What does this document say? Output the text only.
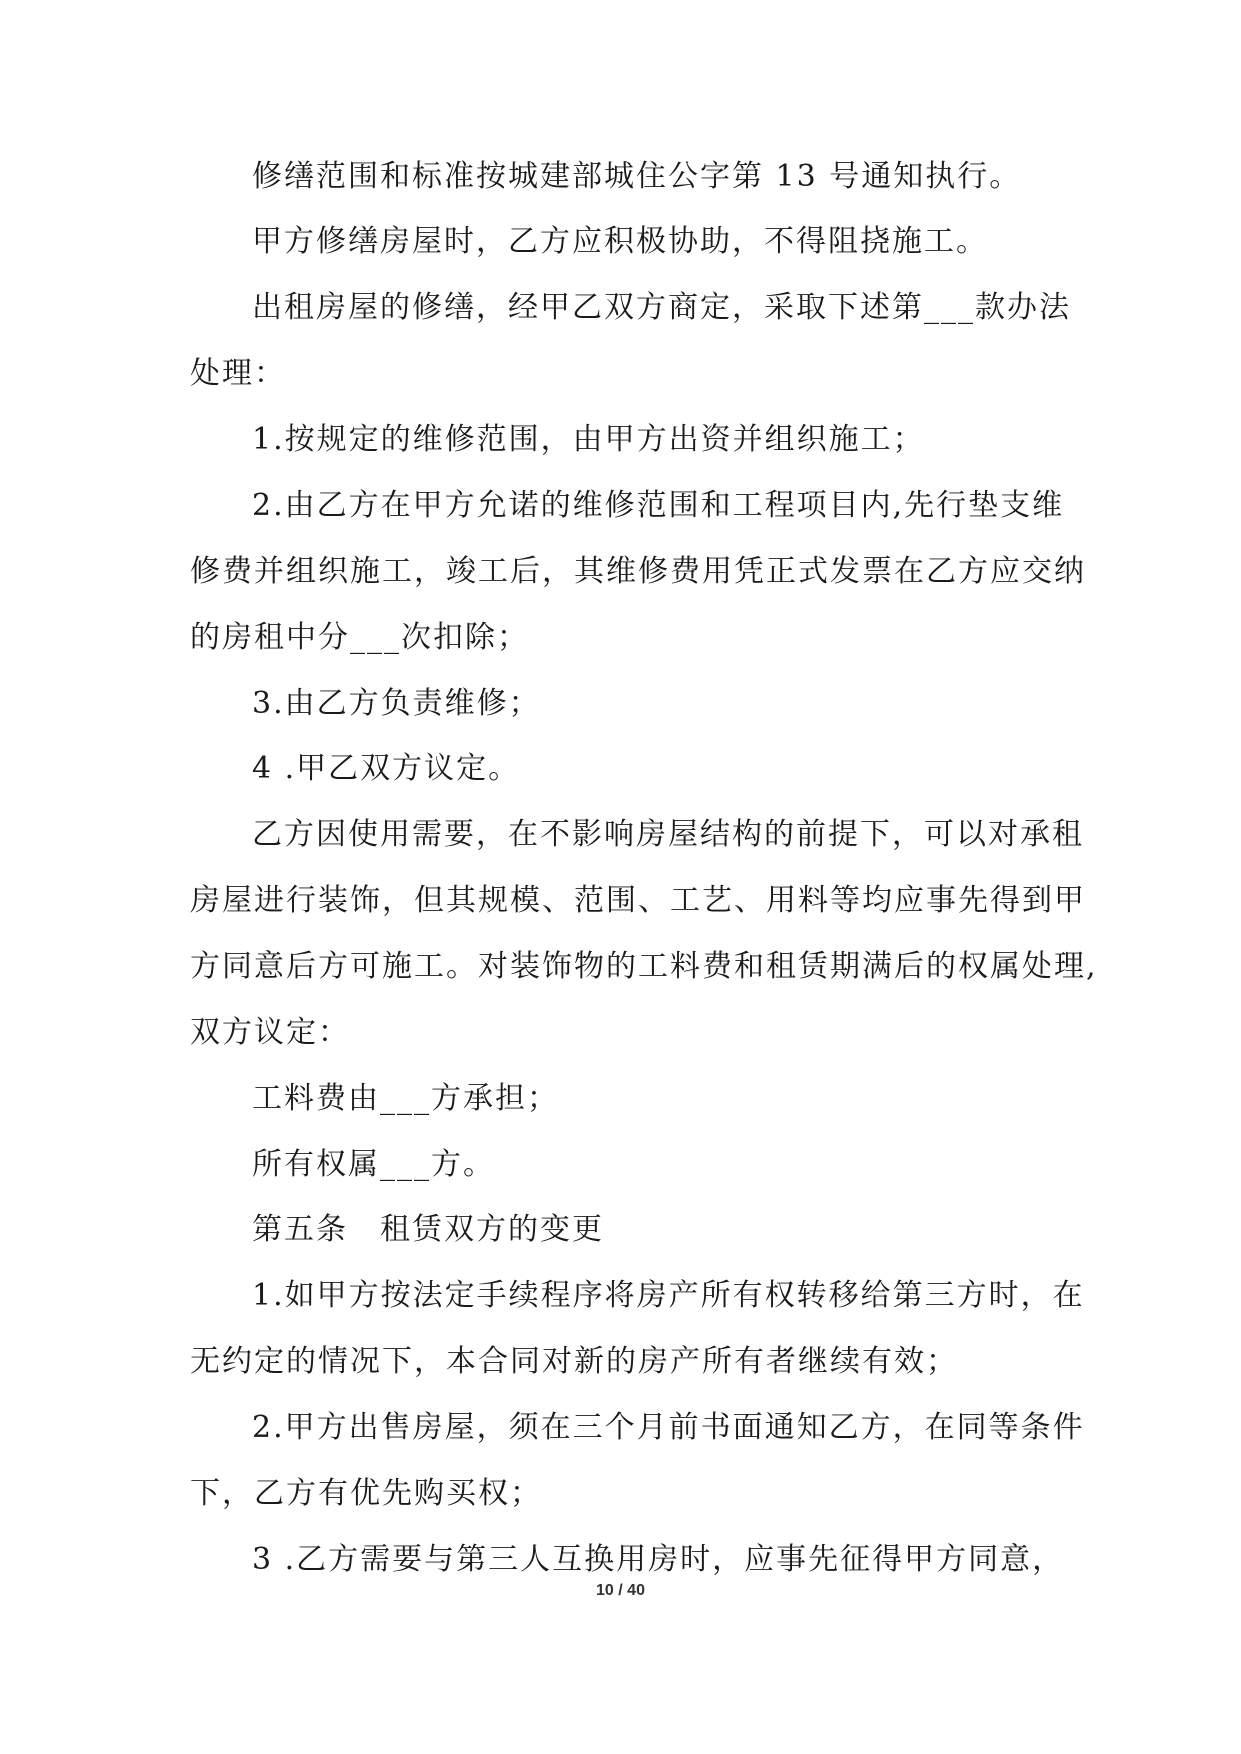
修缮范围和标准按城建部城住公字第 13 号通知执行。
甲方修缮房屋时，乙方应积极协助，不得阻挠施工。
出租房屋的修缮，经甲乙双方商定，采取下述第___款办法
处理：
1.按规定的维修范围，由甲方出资并组织施工；
2.由乙方在甲方允诺的维修范围和工程项目内,先行垫支维
修费并组织施工，竣工后，其维修费用凭正式发票在乙方应交纳
的房租中分___次扣除；
3.由乙方负责维修；
4 .甲乙双方议定。
乙方因使用需要，在不影响房屋结构的前提下，可以对承租
房屋进行装饰，但其规模、范围、工艺、用料等均应事先得到甲
方同意后方可施工。对装饰物的工料费和租赁期满后的权属处理,
双方议定：
工料费由___方承担；
所有权属___方。
第五条　租赁双方的变更
1.如甲方按法定手续程序将房产所有权转移给第三方时，在
无约定的情况下，本合同对新的房产所有者继续有效；
2.甲方出售房屋，须在三个月前书面通知乙方，在同等条件
下，乙方有优先购买权；
3 .乙方需要与第三人互换用房时，应事先征得甲方同意，
10 / 40
